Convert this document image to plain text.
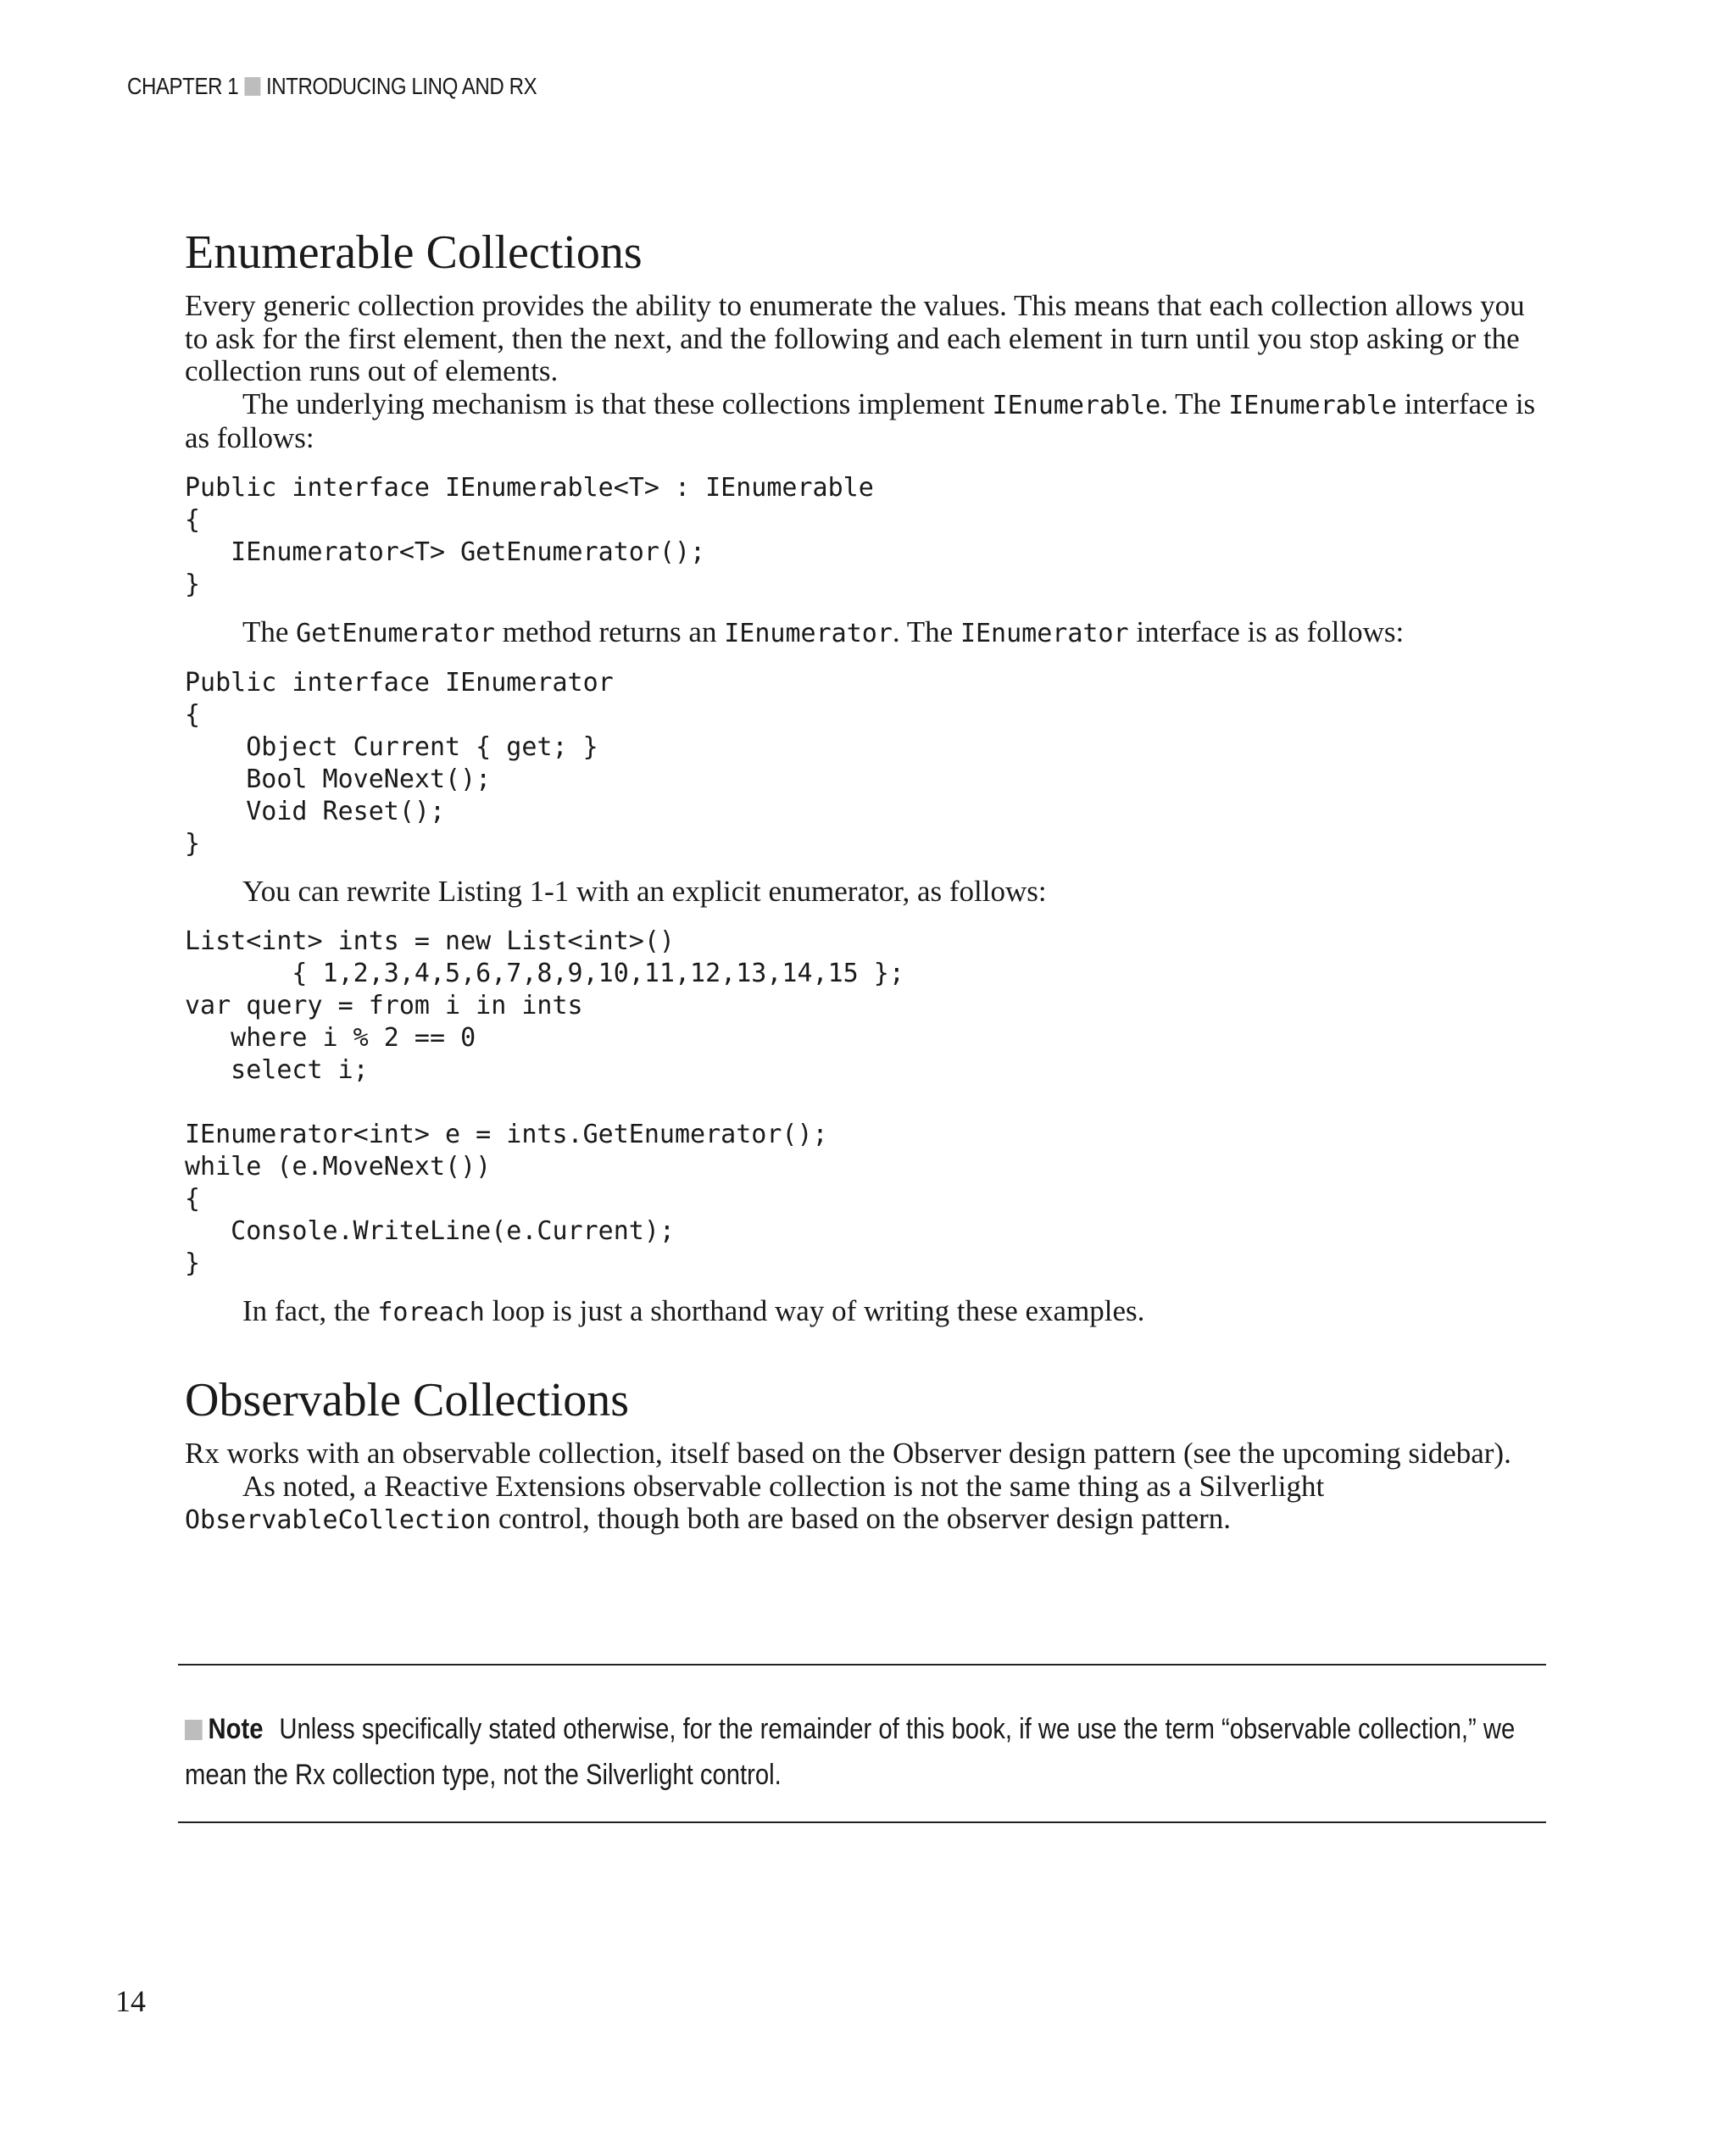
CHAPTER 1 INTRODUCING LINQ AND RX
Enumerable Collections

Every generic collection provides the ability to enumerate the values. This means that each collection allows you to ask for the first element, then the next, and the following and each element in turn until you stop asking or the collection runs out of elements.

The underlying mechanism is that these collections implement IEnumerable. The IEnumerable interface is as follows:

Public interface IEnumerable<T> : IEnumerable
{
IEnumerator<T> GetEnumerator();
}

The GetEnumerator method returns an IEnumerator. The IEnumerator interface is as follows:

Public interface IEnumerator
{
Object Current { get; }
Bool MoveNext();
Void Reset();
}

You can rewrite Listing 1-1 with an explicit enumerator, as follows:

List<int> ints = new List<int>()
{ 1,2,3,4,5,6,7,8,9,10,11,12,13,14,15 };
var query = from i in ints
where i % 2 == 0
select i;

IEnumerator<int> e = ints.GetEnumerator();
while (e.MoveNext())
{
Console.WriteLine(e.Current);
}

In fact, the foreach loop is just a shorthand way of writing these examples.

Observable Collections

Rx works with an observable collection, itself based on the Observer design pattern (see the upcoming sidebar).

As noted, a Reactive Extensions observable collection is not the same thing as a Silverlight ObservableCollection control, though both are based on the observer design pattern.

Note Unless specifically stated otherwise, for the remainder of this book, if we use the term “observable collection,” we mean the Rx collection type, not the Silverlight control.
14
